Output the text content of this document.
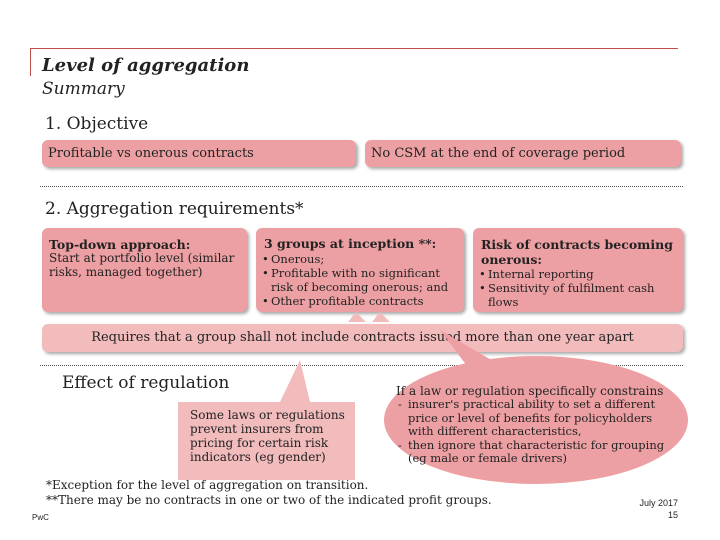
Level of aggregation
Summary
1. Objective
Profitable vs onerous contracts	No CSM at the end of coverage period
2. Aggregation requirements*
Top-down approach:
Start at portfolio level (similar risks, managed together)
3 groups at inception **:
• Onerous;
• Profitable with no significant risk of becoming onerous; and
• Other profitable contracts
Risk of contracts becoming onerous:
• Internal reporting
• Sensitivity of fulfilment cash flows
Requires that a group shall not include contracts issued more than one year apart
Effect of regulation
Some laws or regulations prevent insurers from pricing for certain risk indicators (eg gender)
If a law or regulation specifically constrains
- insurer's practical ability to set a different price or level of benefits for policyholders with different characteristics,
- then ignore that characteristic for grouping (eg male or female drivers)
*Exception for the level of aggregation on transition.
**There may be no contracts in one or two of the indicated profit groups.
PwC
July 2017
15
